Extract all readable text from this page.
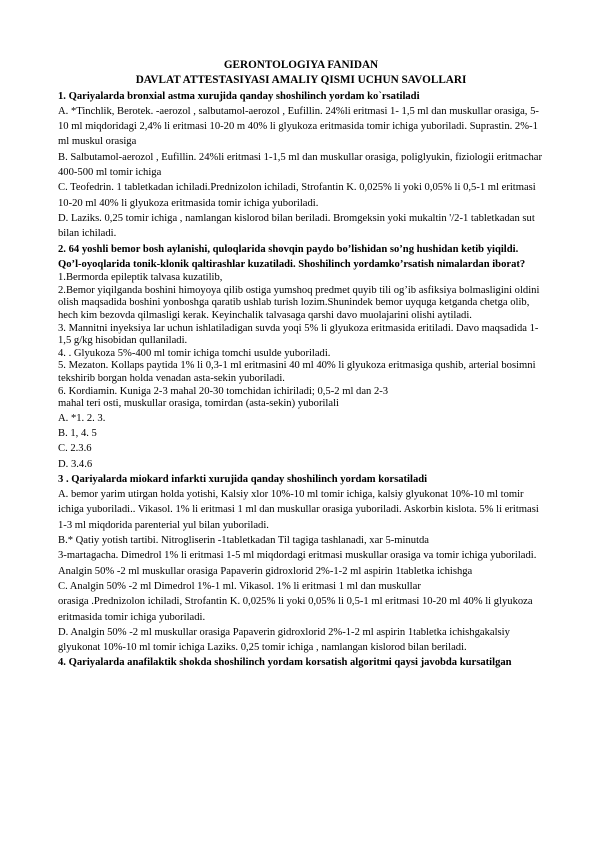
GERONTOLOGIYA FANIDAN
DAVLAT ATTESTASIYASI AMALIY QISMI UCHUN SAVOLLARI

1. Qariyalarda bronxial astma xurujida qanday shoshilinch yordam ko`rsatiladi

A. *Tinchlik, Berotek. -aerozol , salbutamol-aerozol , Eufillin. 24%li eritmasi 1- 1,5 ml dan muskullar orasiga, 5-10 ml miqdoridagi 2,4% li eritmasi 10-20 m 40% li glyukoza eritmasida tomir ichiga yuboriladi. Suprastin. 2%-1 ml muskul orasiga

B. Salbutamol-aerozol , Eufillin. 24%li eritmasi 1-1,5 ml dan muskullar orasiga, poliglyukin, fiziologii eritmachar 400-500 ml tomir ichiga

C. Teofedrin. 1 tabletkadan ichiladi.Prednizolon ichiladi, Strofantin K. 0,025% li yoki 0,05% li 0,5-1 ml eritmasi 10-20 ml 40% li glyukoza eritmasida tomir ichiga yuboriladi.

D. Laziks. 0,25 tomir ichiga , namlangan kislorod bilan beriladi. Bromgeksin yoki mukaltin '/2-1 tabletkadan sut bilan ichiladi.

2. 64 yoshli bemor bosh aylanishi, quloqlarida shovqin paydo bo’lishidan so’ng hushidan ketib yiqildi. Qo’l-oyoqlarida tonik-klonik qaltirashlar kuzatiladi. Shoshilinch yordamko’rsatish nimalardan iborat?

1.Bermorda epileptik talvasa kuzatilib,

2.Bemor yiqilganda boshini himoyoya qilib ostiga yumshoq predmet quyib tili og’ib asfiksiya bolmasligini oldini olish maqsadida boshini yonboshga qaratib ushlab turish lozim.Shunindek bemor uyquga ketganda chetga olib, hech kim bezovda qilmasligi kerak. Keyinchalik talvasaga qarshi davo muolajarini olishi aytiladi.

3. Mannitni inyeksiya lar uchun ishlatiladigan suvda yoqi 5% li glyukoza eritmasida eritiladi. Davo maqsadida 1-1,5 g/kg hisobidan qullaniladi.

4. . Glyukoza 5%-400 ml tomir ichiga tomchi usulde yuboriladi.

5. Mezaton. Kollaps paytida 1% li 0,3-1 ml eritmasini 40 ml 40% li glyukoza eritmasiga qushib, arterial bosimni tekshirib borgan holda venadan asta-sekin yuboriladi.

6. Kordiamin. Kuniga 2-3 mahal 20-30 tomchidan ichiriladi; 0,5-2 ml dan 2-3

mahal teri osti, muskullar orasiga, tomirdan (asta-sekin) yuborilali

A. *1. 2. 3.

B. 1, 4. 5

C. 2.3.6

D. 3.4.6

3 . Qariyalarda miokard infarkti xurujida qanday shoshilinch yordam korsatiladi

A. bemor yarim utirgan holda yotishi, Kalsiy xlor 10%-10 ml tomir ichiga, kalsiy glyukonat 10%-10 ml tomir ichiga yuboriladi.. Vikasol. 1% li eritmasi 1 ml dan muskullar orasiga yuboriladi. Askorbin kislota. 5% li eritmasi 1-3 ml miqdorida parenterial yul bilan yuboriladi.

B.* Qatiy yotish tartibi. Nitrogliserin -1tabletkadan Til tagiga tashlanadi, xar 5-minutda

3-martagacha. Dimedrol 1% li eritmasi 1-5 ml miqdordagi eritmasi muskullar orasiga va tomir ichiga yuboriladi. Analgin 50% -2 ml muskullar orasiga Papaverin gidroxlorid 2%-1-2 ml aspirin 1tabletka ichishga

C. Analgin 50% -2 ml Dimedrol 1%-1 ml. Vikasol. 1% li eritmasi 1 ml dan muskullar

orasiga .Prednizolon ichiladi, Strofantin K. 0,025% li yoki 0,05% li 0,5-1 ml eritmasi 10-20 ml 40% li glyukoza eritmasida tomir ichiga yuboriladi.

D. Analgin 50% -2 ml muskullar orasiga Papaverin gidroxlorid 2%-1-2 ml aspirin 1tabletka ichishgakalsiy glyukonat 10%-10 ml tomir ichiga Laziks. 0,25 tomir ichiga , namlangan kislorod bilan beriladi.

4. Qariyalarda anafilaktik shokda shoshilinch yordam korsatish algoritmi qaysi javobda kursatilgan
